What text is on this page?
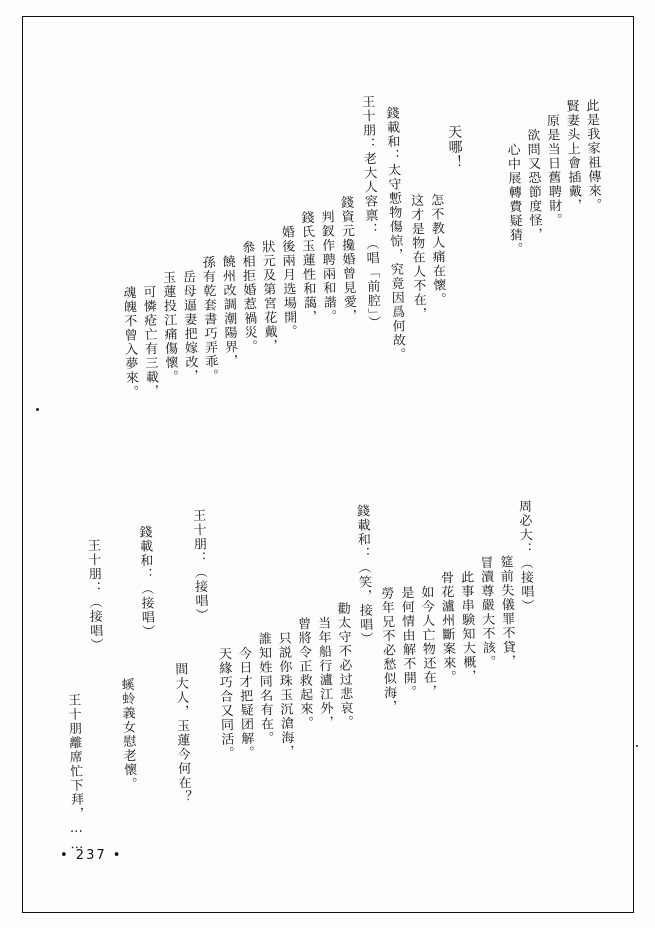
此是我家祖傳來。
賢妻头上會插戴，
原是当日舊聘財。
欲問又恐節度怪，
心中展轉費疑猜。
天哪！
怎不教人痛在懷。
这才是物在人不在，
錢載和：太守慙物傷惊，究竟因爲何故。
王十朋：老大人容禀：（唱「前腔」）
錢資元攙婚曾見愛，
判釵作聘兩和諧。
錢氏玉蓮性和藹，
婚後兩月选場開。
狀元及第宮花戴，
叅相拒婚惹禍災。
饒州改調潮陽界，
孫有乾套書巧弄乖。
岳母逼妻把嫁改，
玉蓮投江痛傷懷。
可憐疮亡有三載，
魂魄不曾入夢來。
周必大：（接唱）
筵前失儀罪不貸，
冒瀆尊嚴大不該。
此事串験知大概，
骨花瀘州斷案來。
如今人亡物还在，
是何情由解不開。
勞年兄不必愁似海，
錢載和：（笑，接唱）
勸太守不必过悲哀。
当年船行瀘江外，
曾將令正救起來。
只説你珠玉沉滄海，
誰知姓同名有在。
今日才把疑团解。
天緣巧合又同活。
王十朋：（接唱）
間大人，玉蓮今何在？
錢載和：（接唱）
螇蛉義女慰老懷。
王十朋：（接唱）
王十朋離席忙下拜，……
• 237 •
